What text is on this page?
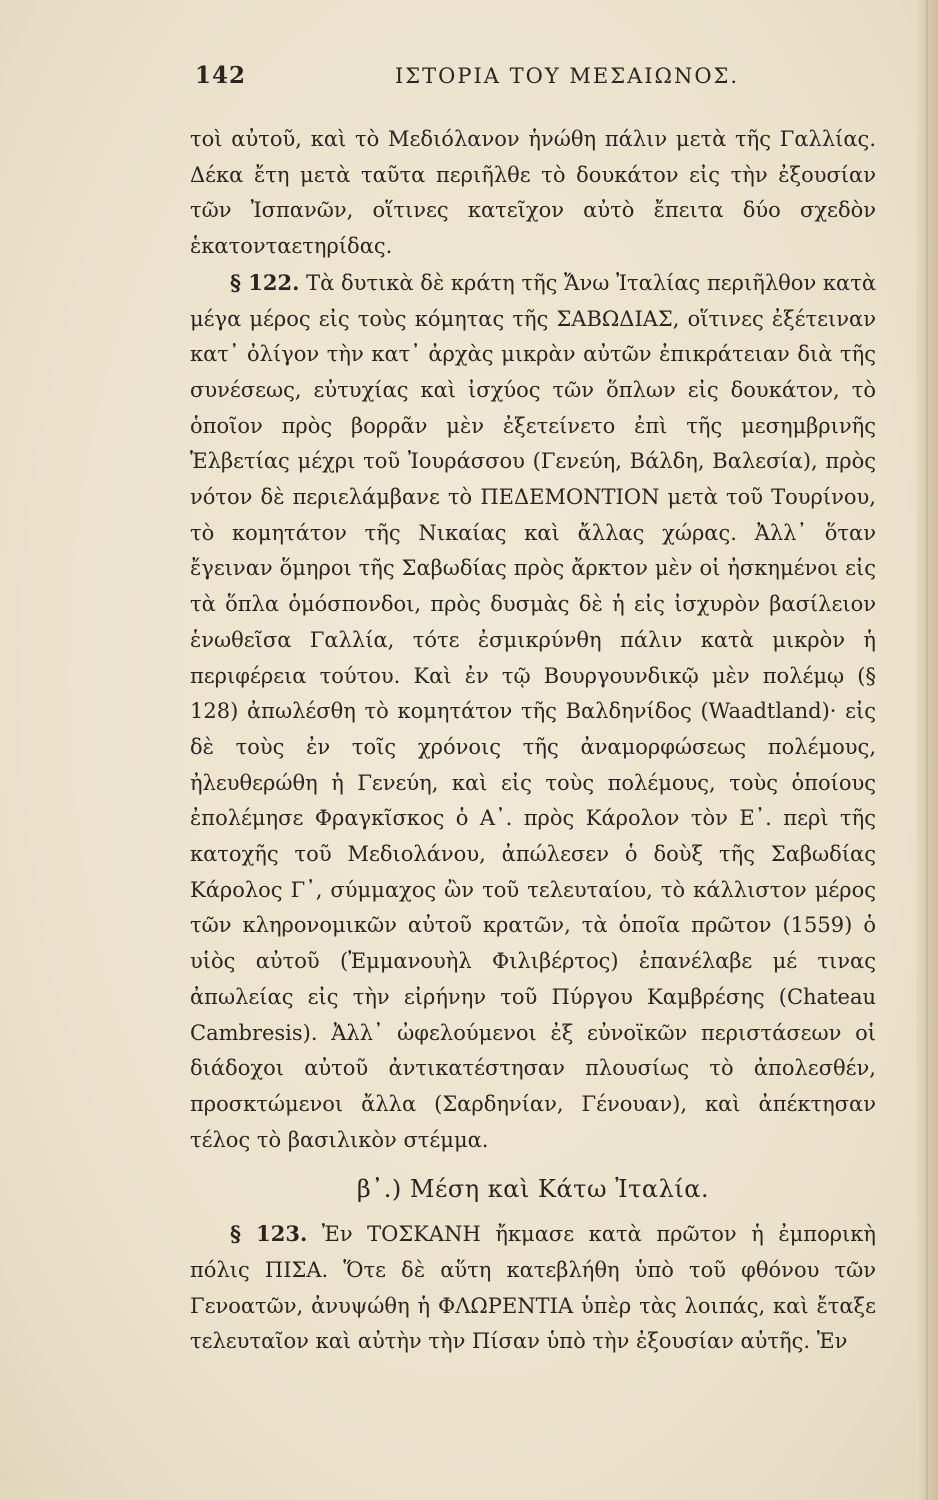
142	ΙΣΤΟΡΙΑ ΤΟΥ ΜΕΣΑΙΩΝΟΣ.

τοὶ αὐτοῦ, καὶ τὸ Μεδιόλανον ἡνώθη πάλιν μετὰ τῆς Γαλλίας. Δέκα ἔτη μετὰ ταῦτα περιῆλθε τὸ δουκάτον εἰς τὴν ἐξουσίαν τῶν Ἰσπανῶν, οἵτινες κατεῖχον αὐτὸ ἔπειτα δύο σχεδὸν ἑκατονταετηρίδας.

§ 122. Τὰ δυτικὰ δὲ κράτη τῆς Ἄνω Ἰταλίας περιῆλθον κατὰ μέγα μέρος εἰς τοὺς κόμητας τῆς ΣΑΒΩΔΙΑΣ, οἵτινες ἐξέτειναν κατ᾽ ὀλίγον τὴν κατ᾽ ἀρχὰς μικρὰν αὐτῶν ἐπικράτειαν διὰ τῆς συνέσεως, εὐτυχίας καὶ ἰσχύος τῶν ὅπλων εἰς δουκάτον, τὸ ὁποῖον πρὸς βορρᾶν μὲν ἐξετείνετο ἐπὶ τῆς μεσημβρινῆς Ἑλβετίας μέχρι τοῦ Ἰουράσσου (Γενεύη, Βάλδη, Βαλεσία), πρὸς νότον δὲ περιελάμβανε τὸ ΠΕΔΕΜΟΝΤΙΟΝ μετὰ τοῦ Τουρίνου, τὸ κομητάτον τῆς Νικαίας καὶ ἄλλας χώρας. Ἀλλ᾽ ὅταν ἔγειναν ὅμηροι τῆς Σαβωδίας πρὸς ἄρκτον μὲν οἱ ἠσκημένοι εἰς τὰ ὅπλα ὁμόσπονδοι, πρὸς δυσμὰς δὲ ἡ εἰς ἰσχυρὸν βασίλειον ἑνωθεῖσα Γαλλία, τότε ἐσμικρύνθη πάλιν κατὰ μικρὸν ἡ περιφέρεια τούτου. Καὶ ἐν τῷ Βουργουνδικῷ μὲν πολέμῳ (§ 128) ἀπωλέσθη τὸ κομητάτον τῆς Βαλδηνίδος (Waadtland)· εἰς δὲ τοὺς ἐν τοῖς χρόνοις τῆς ἀναμορφώσεως πολέμους, ἠλευθερώθη ἡ Γενεύη, καὶ εἰς τοὺς πολέμους, τοὺς ὁποίους ἐπολέμησε Φραγκῖσκος ὁ Α᾽. πρὸς Κάρολον τὸν Ε᾽. περὶ τῆς κατοχῆς τοῦ Μεδιολάνου, ἀπώλεσεν ὁ δοὺξ τῆς Σαβωδίας Κάρολος Γ᾽, σύμμαχος ὢν τοῦ τελευταίου, τὸ κάλλιστον μέρος τῶν κληρονομικῶν αὐτοῦ κρατῶν, τὰ ὁποῖα πρῶτον (1559) ὁ υἱὸς αὐτοῦ (Ἐμμανουὴλ Φιλιβέρτος) ἐπανέλαβε μέ τινας ἀπωλείας εἰς τὴν εἰρήνην τοῦ Πύργου Καμβρέσης (Chateau Cambresis). Ἀλλ᾽ ὠφελούμενοι ἐξ εὐνοϊκῶν περιστάσεων οἱ διάδοχοι αὐτοῦ ἀντικατέστησαν πλουσίως τὸ ἀπολεσθέν, προσκτώμενοι ἄλλα (Σαρδηνίαν, Γένουαν), καὶ ἀπέκτησαν τέλος τὸ βασιλικὸν στέμμα.

β᾽.) Μέση καὶ Κάτω Ἰταλία.

§ 123. Ἐν ΤΟΣΚΑΝΗ ἤκμασε κατὰ πρῶτον ἡ ἐμπορικὴ πόλις ΠΙΣΑ. Ὅτε δὲ αὕτη κατεβλήθη ὑπὸ τοῦ φθόνου τῶν Γενοατῶν, ἀνυψώθη ἡ ΦΛΩΡΕΝΤΙΑ ὑπὲρ τὰς λοιπάς, καὶ ἔταξε τελευταῖον καὶ αὐτὴν τὴν Πίσαν ὑπὸ τὴν ἐξουσίαν αὐτῆς. Ἐν
